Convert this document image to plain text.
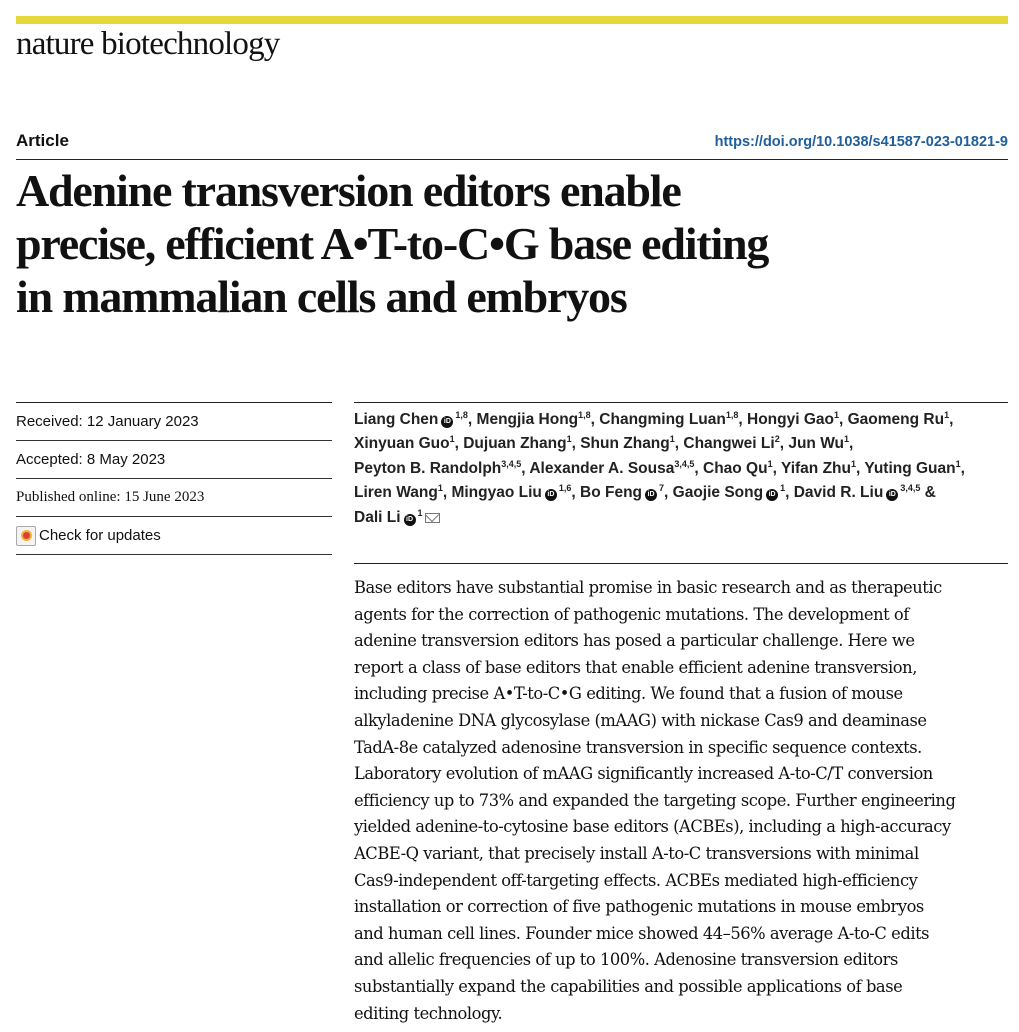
nature biotechnology
Article	https://doi.org/10.1038/s41587-023-01821-9
Adenine transversion editors enable
precise, efficient A•T-to-C•G base editing
in mammalian cells and embryos
Received: 12 January 2023
Accepted: 8 May 2023
Published online: 15 June 2023
Check for updates
Liang Chen iD$^{1,8}$, Mengjia Hong$^{1,8}$, Changming Luan$^{1,8}$, Hongyi Gao$^1$, Gaomeng Ru$^1$,
Xinyuan Guo$^1$, Dujuan Zhang$^1$, Shun Zhang$^1$, Changwei Li$^2$, Jun Wu$^1$,
Peyton B. Randolph$^{3,4,5}$, Alexander A. Sousa$^{3,4,5}$, Chao Qu$^1$, Yifan Zhu$^1$, Yuting Guan$^1$,
Liren Wang$^1$, Mingyao Liu iD$^{1,6}$, Bo Feng $iD^7$, Gaojie Song $iD^1$, David R. Liu iD$^{3,4,5}$ &
Dali Li $iD^1$
Base editors have substantial promise in basic research and as therapeutic
agents for the correction of pathogenic mutations. The development of
adenine transversion editors has posed a particular challenge. Here we
report a class of base editors that enable efficient adenine transversion,
including precise A•T-to-C•G editing. We found that a fusion of mouse
alkyladenine DNA glycosylase (mAAG) with nickase Cas9 and deaminase
TadA-8e catalyzed adenosine transversion in specific sequence contexts.
Laboratory evolution of mAAG significantly increased A-to-C/T conversion
efficiency up to 73% and expanded the targeting scope. Further engineering
yielded adenine-to-cytosine base editors (ACBEs), including a high-accuracy
ACBE-Q variant, that precisely install A-to-C transversions with minimal
Cas9-independent off-targeting effects. ACBEs mediated high-efficiency
installation or correction of five pathogenic mutations in mouse embryos
and human cell lines. Founder mice showed 44–56% average A-to-C edits
and allelic frequencies of up to 100%. Adenosine transversion editors
substantially expand the capabilities and possible applications of base
editing technology.
